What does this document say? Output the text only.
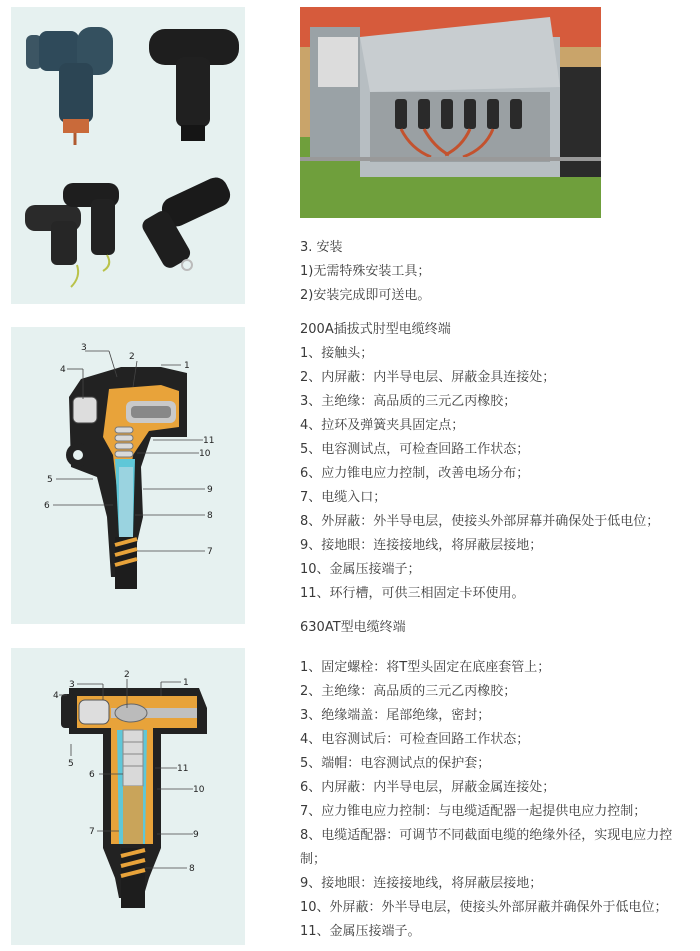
3. 安装
1)无需特殊安装工具；
2)安装完成即可送电。
3
2
1
4
5
6
11
10
9
8
7
200A插拔式肘型电缆终端
1、接触头；
2、内屏蔽：内半导电层、屏蔽金具连接处；
3、主绝缘：高品质的三元乙丙橡胶；
4、拉环及弹簧夹具固定点；
5、电容测试点，可检查回路工作状态；
6、应力锥电应力控制，改善电场分布；
7、电缆入口；
8、外屏蔽：外半导电层，使接头外部屏幕并确保处于低电位；
9、接地眼：连接接地线，将屏蔽层接地；
10、金属压接端子；
11、环行槽，可供三相固定卡环使用。
630AT型电缆终端
3
4
2
1
5
6
11
10
7	9
8
1、固定螺栓：将T型头固定在底座套管上；
2、主绝缘：高品质的三元乙丙橡胶；
3、绝缘端盖：尾部绝缘，密封；
4、电容测试后：可检查回路工作状态；
5、端帽：电容测试点的保护套；
6、内屏蔽：内半导电层，屏蔽金属连接处；
7、应力锥电应力控制：与电缆适配器一起提供电应力控制；
8、电缆适配器：可调节不同截面电缆的绝缘外径，实现电应力控制；
9、接地眼：连接接地线，将屏蔽层接地；
10、外屏蔽：外半导电层，使接头外部屏蔽并确保外于低电位；
11、金属压接端子。
